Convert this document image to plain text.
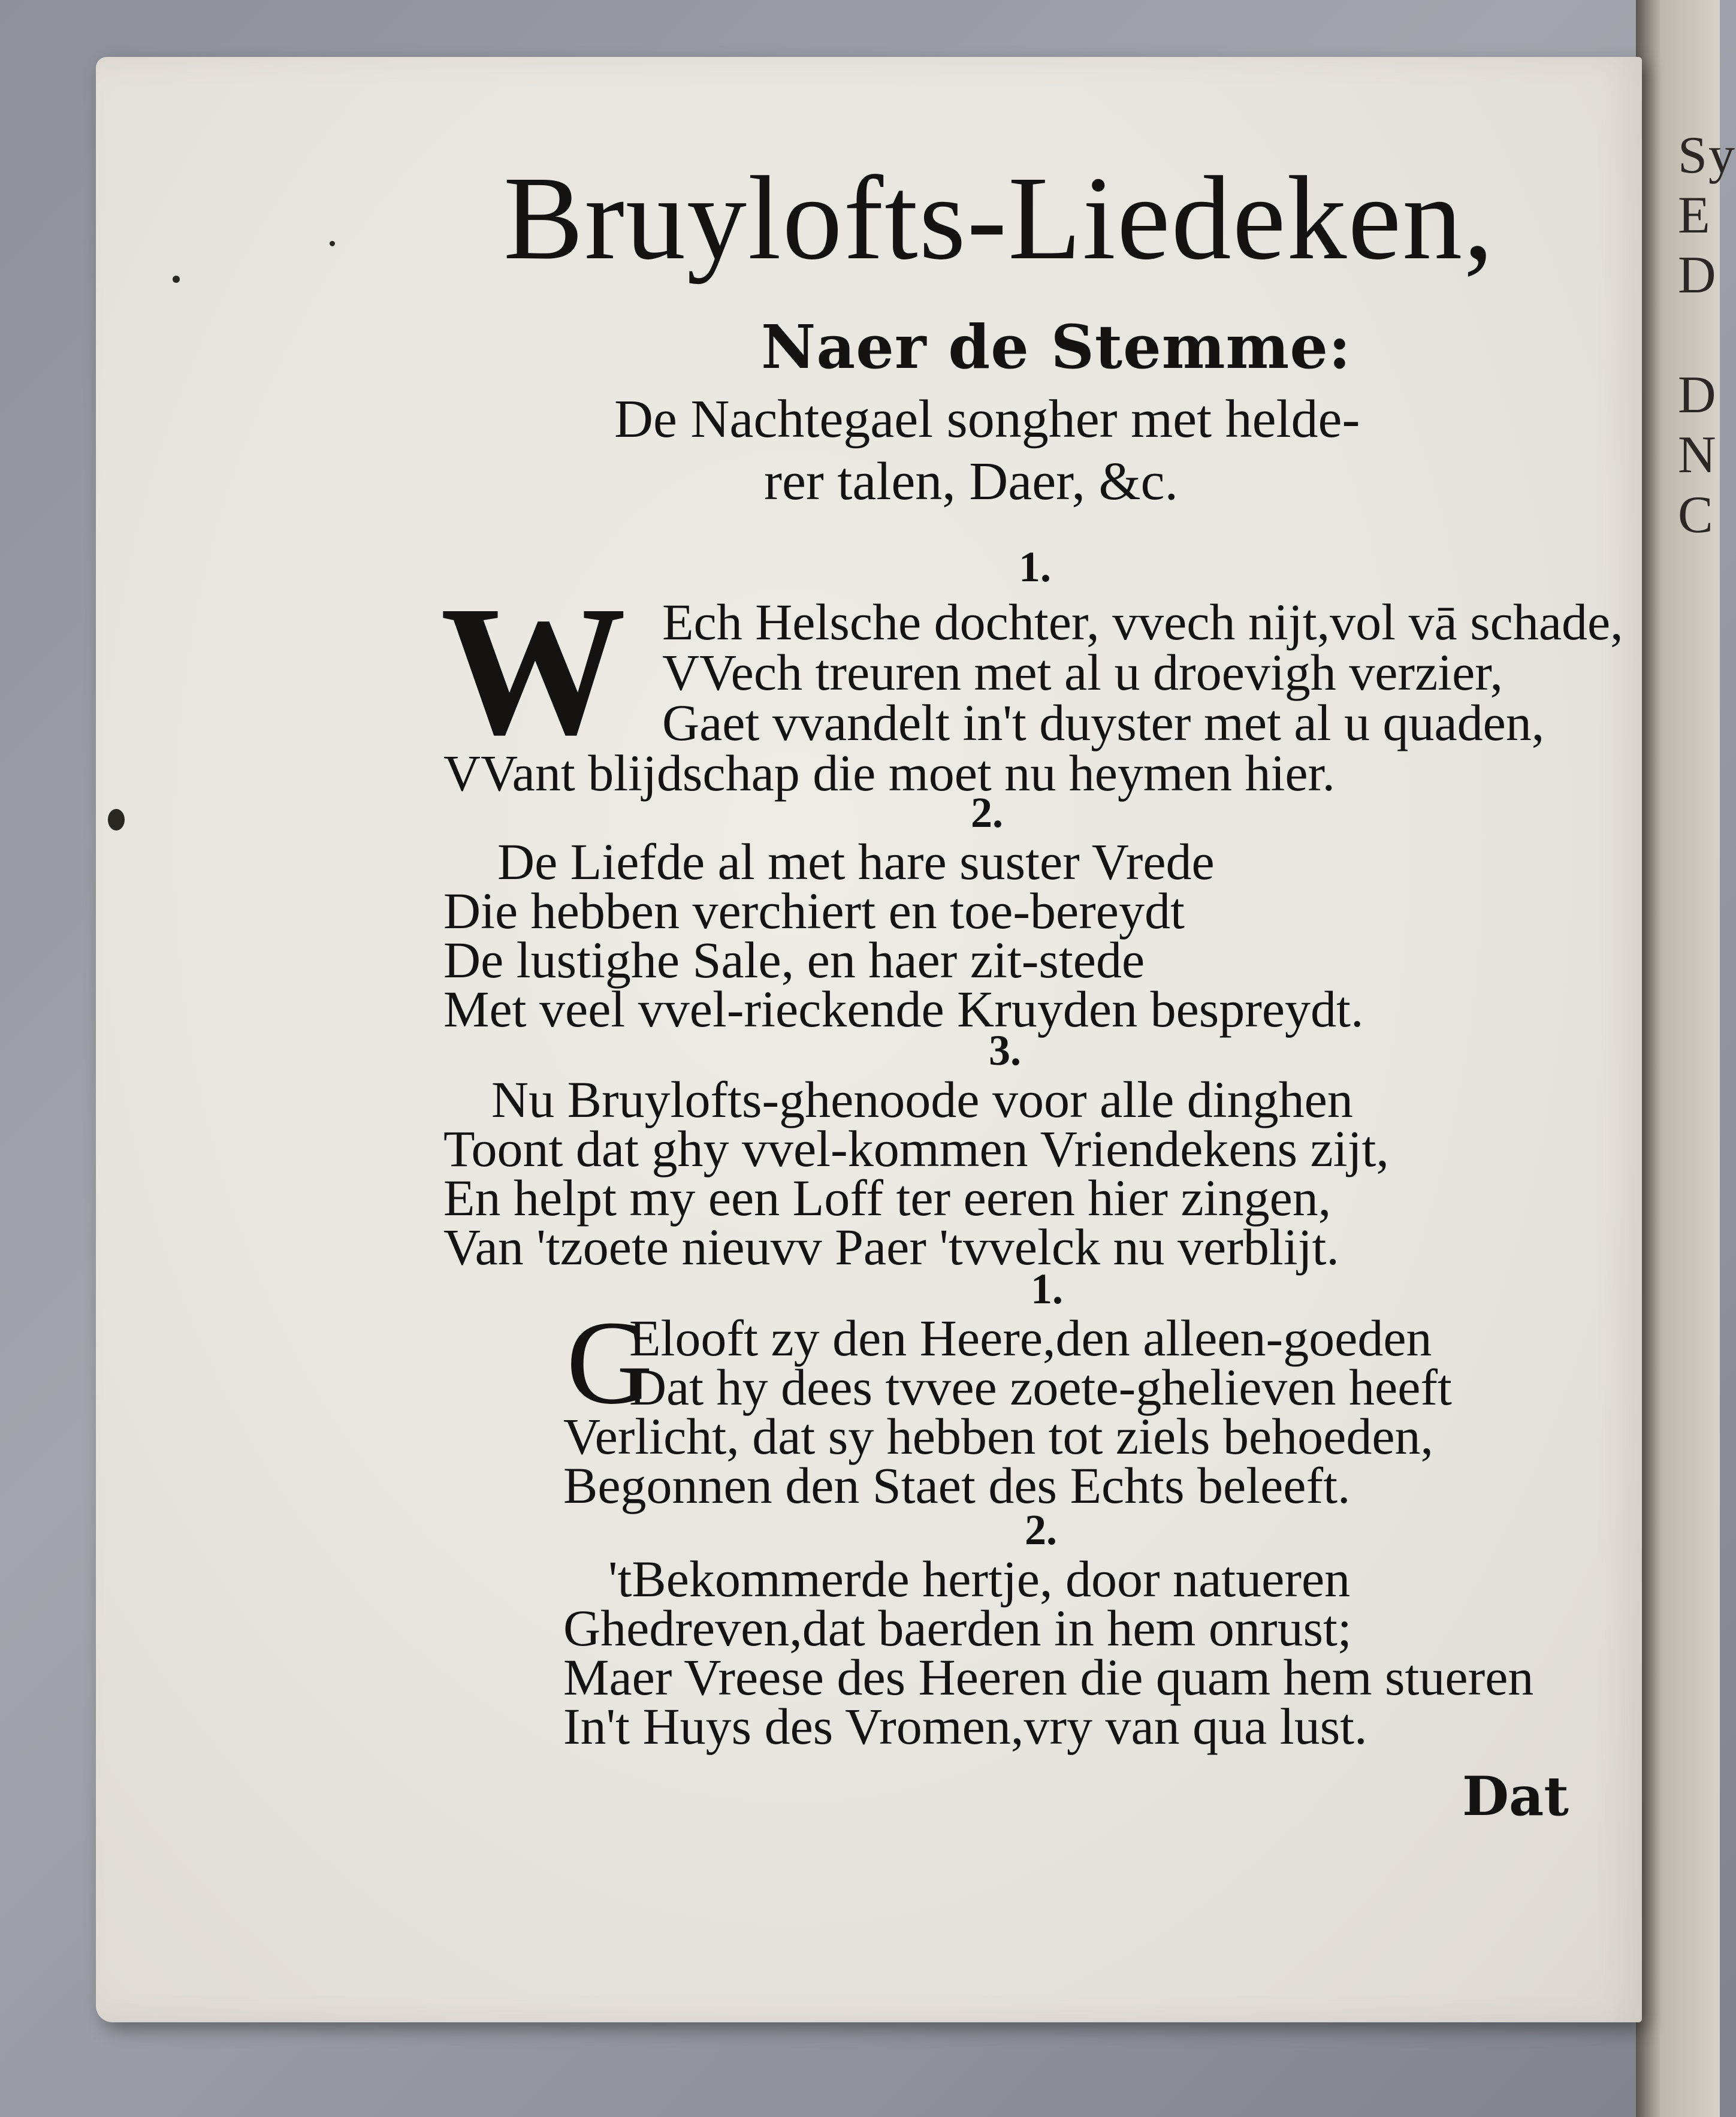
Sy
E
D

D
N
C
Bruylofts-Liedeken,
Naer de Stemme:
De Nachtegael songher met helde-
rer talen, Daer, &c.
1.
W Ech Helsche dochter, vvech nijt,vol vā schade,
VVech treuren met al u droevigh verzier,
Gaet vvandelt in't duyster met al u quaden,
VVant blijdschap die moet nu heymen hier.
2.
De Liefde al met hare suster Vrede
Die hebben verchiert en toe-bereydt
De lustighe Sale, en haer zit-stede
Met veel vvel-rieckende Kruyden bespreydt.
3.
Nu Bruylofts-ghenoode voor alle dinghen
Toont dat ghy vvel-kommen Vriendekens zijt,
En helpt my een Loff ter eeren hier zingen,
Van 'tzoete nieuvv Paer 'tvvelck nu verblijt.
1.
G
Elooft zy den Heere,den alleen-goeden
Dat hy dees tvvee zoete-ghelieven heeft
Verlicht, dat sy hebben tot ziels behoeden,
Begonnen den Staet des Echts beleeft.
2.
'tBekommerde hertje, door natueren
Ghedreven,dat baerden in hem onrust;
Maer Vreese des Heeren die quam hem stueren
In't Huys des Vromen,vry van qua lust.
Dat
